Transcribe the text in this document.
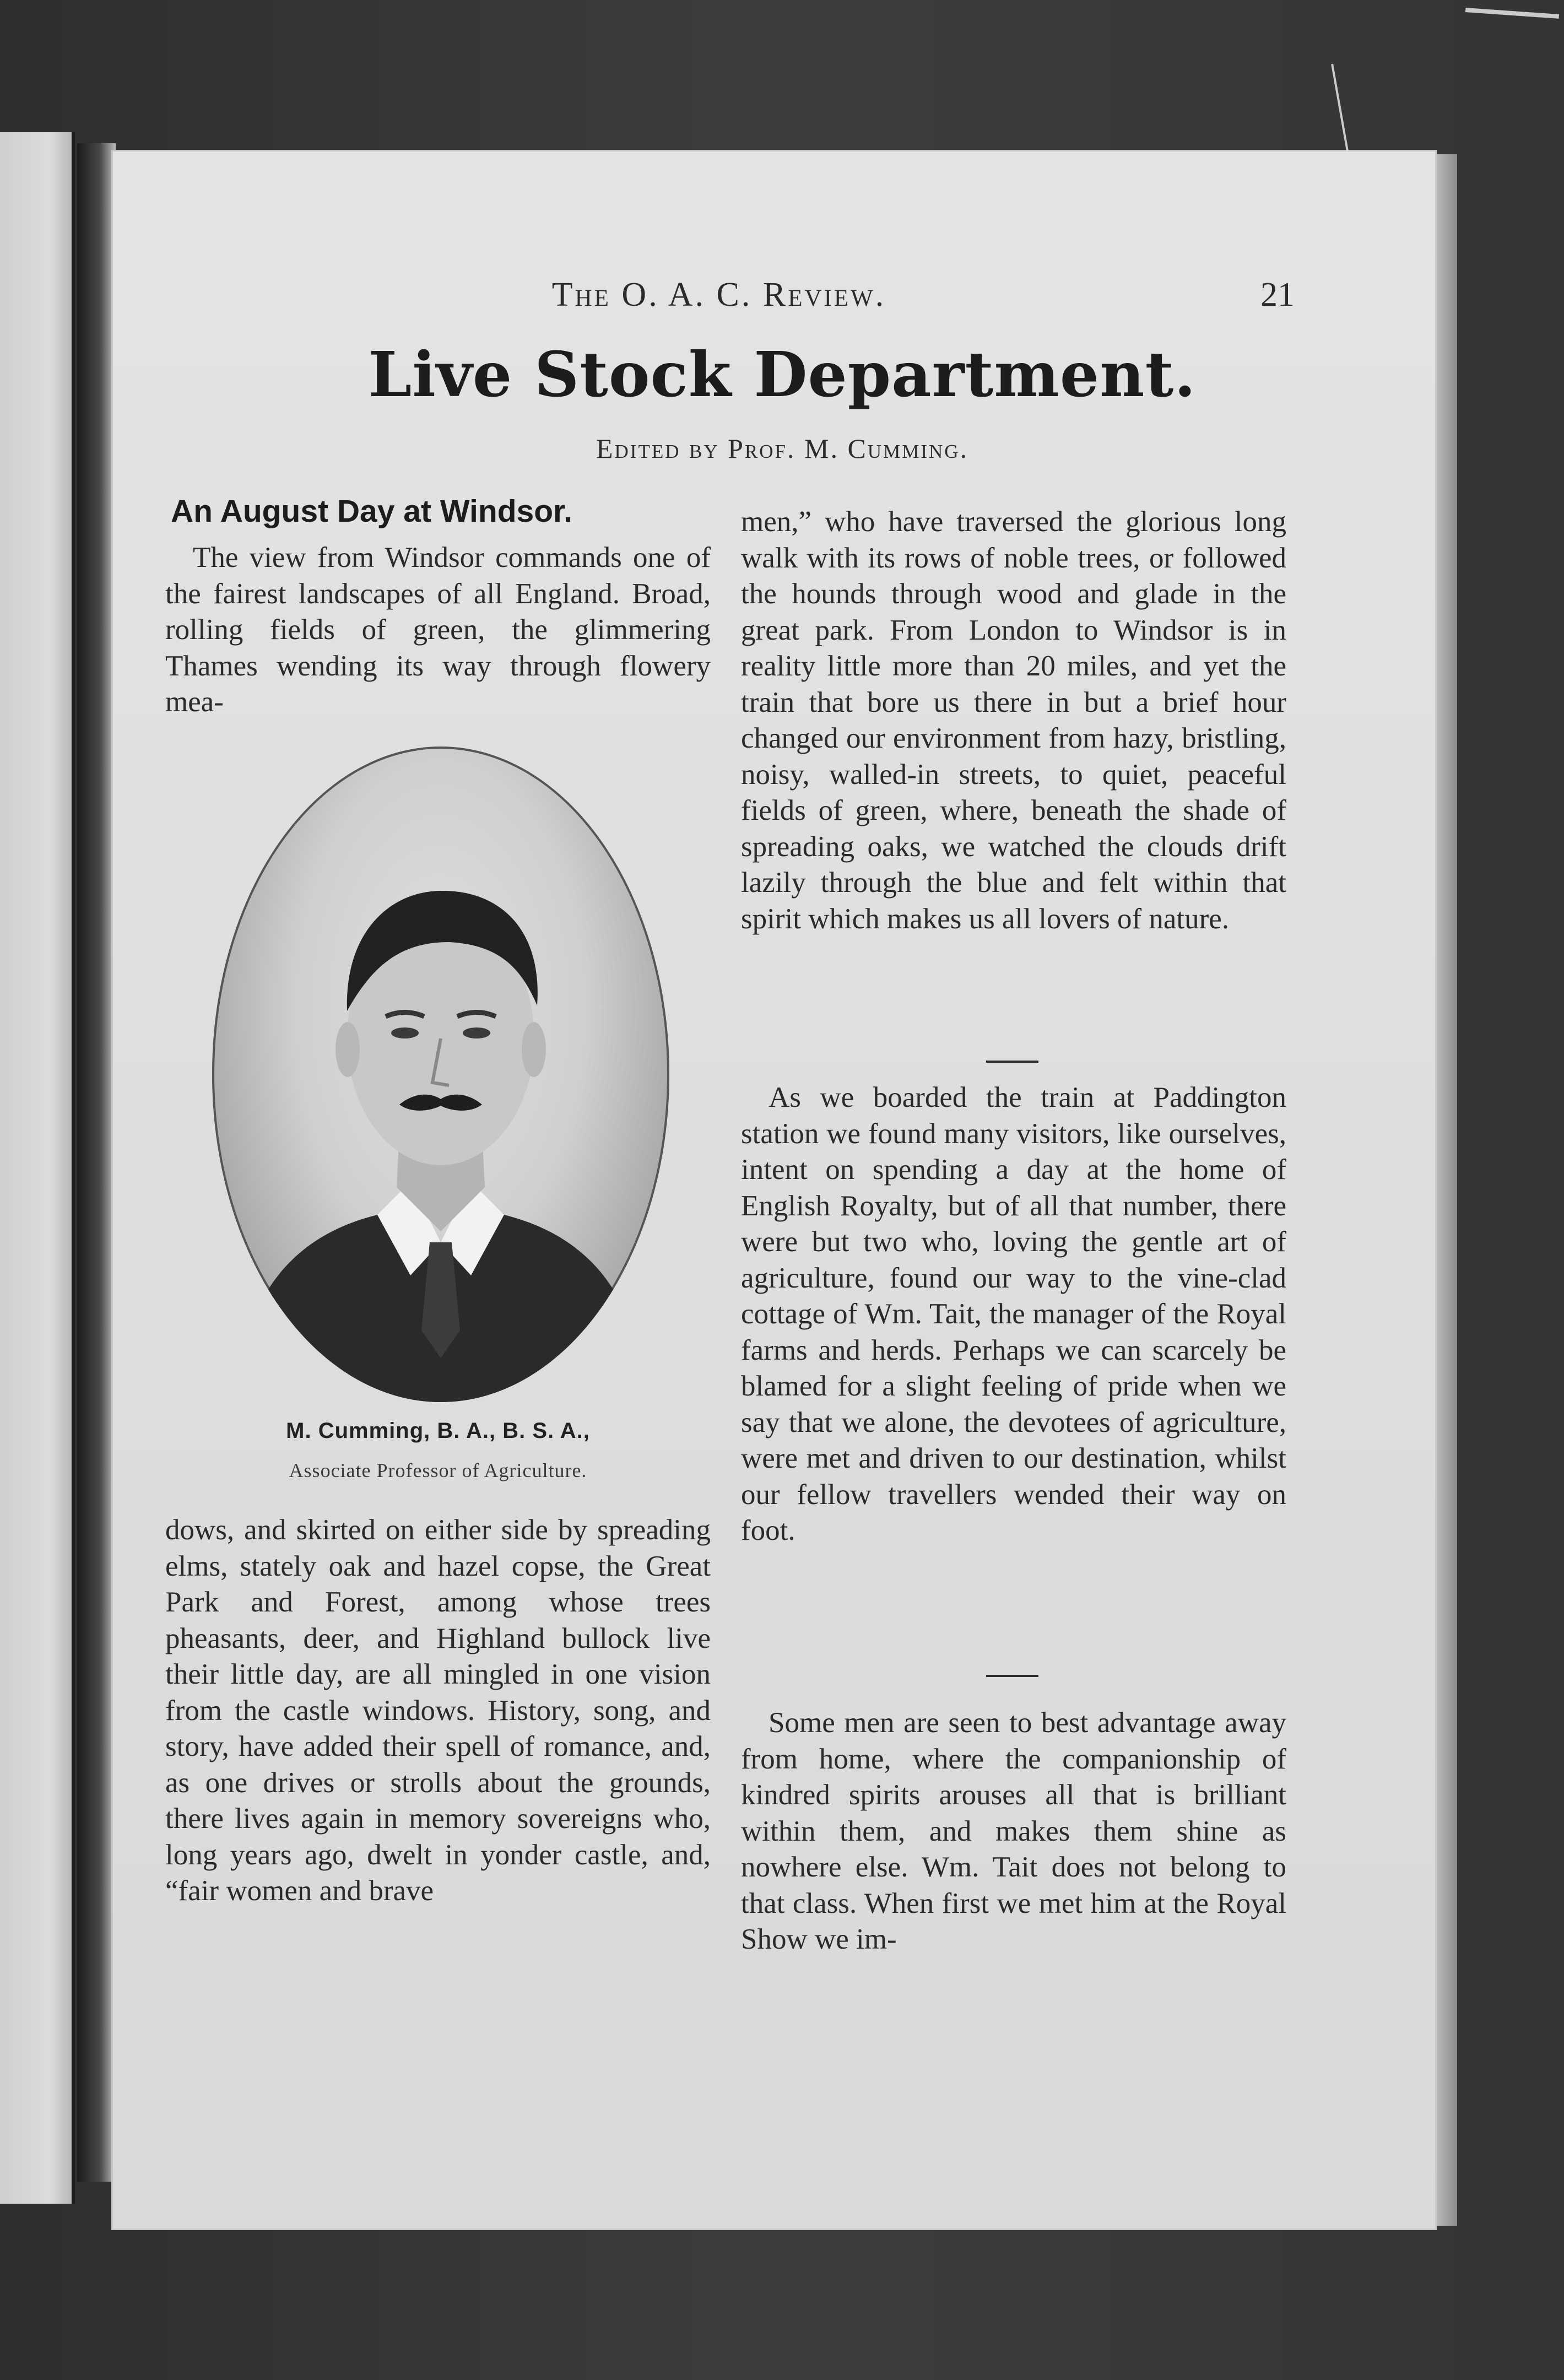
The O. A. C. Review.	21
Live Stock Department.
Edited by Prof. M. Cumming.
An August Day at Windsor.

The view from Windsor commands one of the fairest landscapes of all England. Broad, rolling fields of green, the glimmering Thames wending its way through flowery mea-

M. Cumming, B. A., B. S. A.,
Associate Professor of Agriculture.

dows, and skirted on either side by spreading elms, stately oak and hazel copse, the Great Park and Forest, among whose trees pheasants, deer, and Highland bullock live their little day, are all mingled in one vision from the castle windows. History, song, and story, have added their spell of romance, and, as one drives or strolls about the grounds, there lives again in memory sovereigns who, long years ago, dwelt in yonder castle, and, “fair women and brave

men,” who have traversed the glorious long walk with its rows of noble trees, or followed the hounds through wood and glade in the great park. From London to Windsor is in reality little more than 20 miles, and yet the train that bore us there in but a brief hour changed our environment from hazy, bristling, noisy, walled-in streets, to quiet, peaceful fields of green, where, beneath the shade of spreading oaks, we watched the clouds drift lazily through the blue and felt within that spirit which makes us all lovers of nature.

As we boarded the train at Paddington station we found many visitors, like ourselves, intent on spending a day at the home of English Royalty, but of all that number, there were but two who, loving the gentle art of agriculture, found our way to the vine-clad cottage of Wm. Tait, the manager of the Royal farms and herds. Perhaps we can scarcely be blamed for a slight feeling of pride when we say that we alone, the devotees of agriculture, were met and driven to our destination, whilst our fellow travellers wended their way on foot.

Some men are seen to best advantage away from home, where the companionship of kindred spirits arouses all that is brilliant within them, and makes them shine as nowhere else. Wm. Tait does not belong to that class. When first we met him at the Royal Show we im-
